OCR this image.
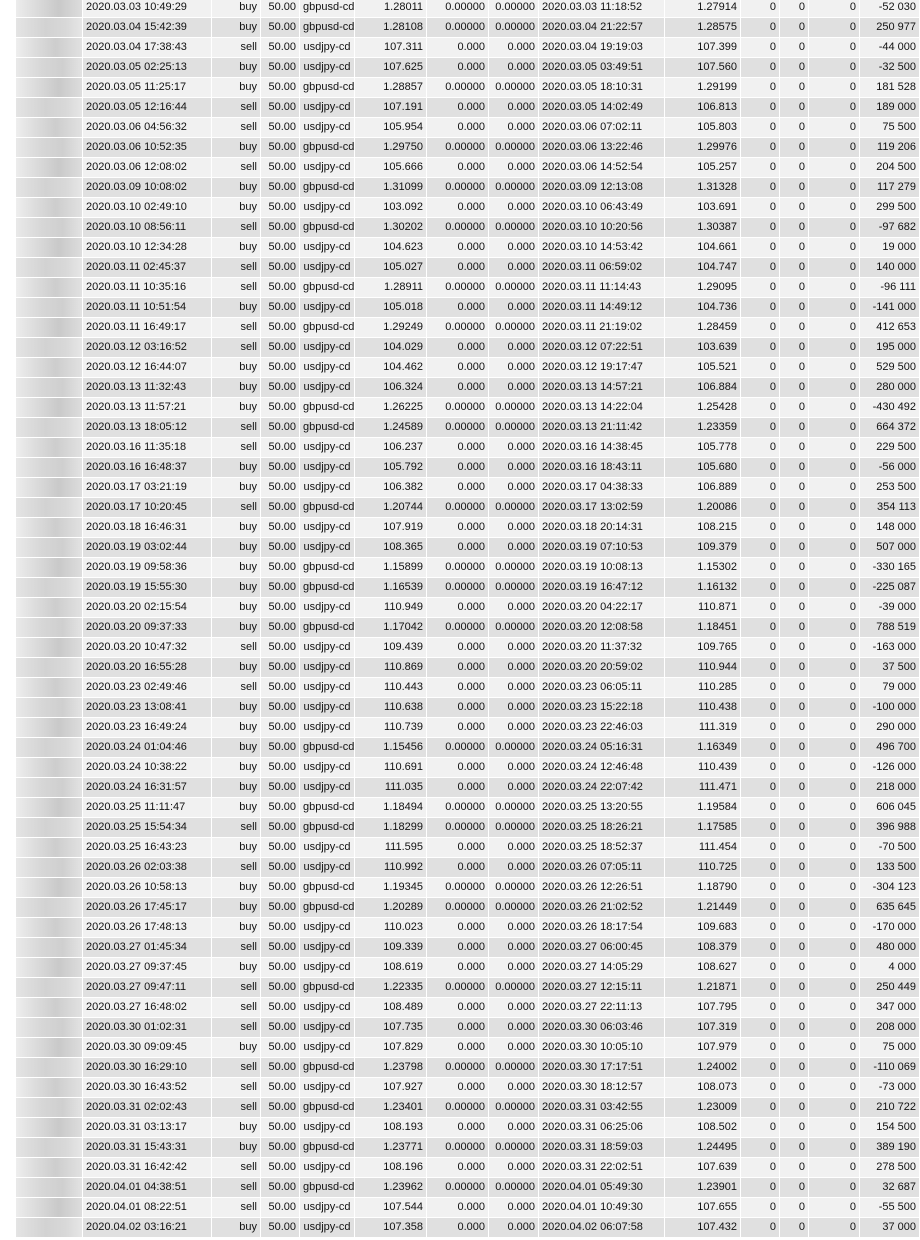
	2020.03.03 10:49:29	buy	50.00	gbpusd-cd	1.28011	0.00000	0.00000	2020.03.03 11:18:52	1.27914	0	0	0	-52 030

	2020.03.04 15:42:39	buy	50.00	gbpusd-cd	1.28108	0.00000	0.00000	2020.03.04 21:22:57	1.28575	0	0	0	250 977

	2020.03.04 17:38:43	sell	50.00	usdjpy-cd	107.311	0.000	0.000	2020.03.04 19:19:03	107.399	0	0	0	-44 000

	2020.03.05 02:25:13	buy	50.00	usdjpy-cd	107.625	0.000	0.000	2020.03.05 03:49:51	107.560	0	0	0	-32 500

	2020.03.05 11:25:17	buy	50.00	gbpusd-cd	1.28857	0.00000	0.00000	2020.03.05 18:10:31	1.29199	0	0	0	181 528

	2020.03.05 12:16:44	sell	50.00	usdjpy-cd	107.191	0.000	0.000	2020.03.05 14:02:49	106.813	0	0	0	189 000

	2020.03.06 04:56:32	sell	50.00	usdjpy-cd	105.954	0.000	0.000	2020.03.06 07:02:11	105.803	0	0	0	75 500

	2020.03.06 10:52:35	buy	50.00	gbpusd-cd	1.29750	0.00000	0.00000	2020.03.06 13:22:46	1.29976	0	0	0	119 206

	2020.03.06 12:08:02	sell	50.00	usdjpy-cd	105.666	0.000	0.000	2020.03.06 14:52:54	105.257	0	0	0	204 500

	2020.03.09 10:08:02	buy	50.00	gbpusd-cd	1.31099	0.00000	0.00000	2020.03.09 12:13:08	1.31328	0	0	0	117 279

	2020.03.10 02:49:10	buy	50.00	usdjpy-cd	103.092	0.000	0.000	2020.03.10 06:43:49	103.691	0	0	0	299 500

	2020.03.10 08:56:11	sell	50.00	gbpusd-cd	1.30202	0.00000	0.00000	2020.03.10 10:20:56	1.30387	0	0	0	-97 682

	2020.03.10 12:34:28	buy	50.00	usdjpy-cd	104.623	0.000	0.000	2020.03.10 14:53:42	104.661	0	0	0	19 000

	2020.03.11 02:45:37	sell	50.00	usdjpy-cd	105.027	0.000	0.000	2020.03.11 06:59:02	104.747	0	0	0	140 000

	2020.03.11 10:35:16	sell	50.00	gbpusd-cd	1.28911	0.00000	0.00000	2020.03.11 11:14:43	1.29095	0	0	0	-96 111

	2020.03.11 10:51:54	buy	50.00	usdjpy-cd	105.018	0.000	0.000	2020.03.11 14:49:12	104.736	0	0	0	-141 000

	2020.03.11 16:49:17	sell	50.00	gbpusd-cd	1.29249	0.00000	0.00000	2020.03.11 21:19:02	1.28459	0	0	0	412 653

	2020.03.12 03:16:52	sell	50.00	usdjpy-cd	104.029	0.000	0.000	2020.03.12 07:22:51	103.639	0	0	0	195 000

	2020.03.12 16:44:07	buy	50.00	usdjpy-cd	104.462	0.000	0.000	2020.03.12 19:17:47	105.521	0	0	0	529 500

	2020.03.13 11:32:43	buy	50.00	usdjpy-cd	106.324	0.000	0.000	2020.03.13 14:57:21	106.884	0	0	0	280 000

	2020.03.13 11:57:21	buy	50.00	gbpusd-cd	1.26225	0.00000	0.00000	2020.03.13 14:22:04	1.25428	0	0	0	-430 492

	2020.03.13 18:05:12	sell	50.00	gbpusd-cd	1.24589	0.00000	0.00000	2020.03.13 21:11:42	1.23359	0	0	0	664 372

	2020.03.16 11:35:18	sell	50.00	usdjpy-cd	106.237	0.000	0.000	2020.03.16 14:38:45	105.778	0	0	0	229 500

	2020.03.16 16:48:37	buy	50.00	usdjpy-cd	105.792	0.000	0.000	2020.03.16 18:43:11	105.680	0	0	0	-56 000

	2020.03.17 03:21:19	buy	50.00	usdjpy-cd	106.382	0.000	0.000	2020.03.17 04:38:33	106.889	0	0	0	253 500

	2020.03.17 10:20:45	sell	50.00	gbpusd-cd	1.20744	0.00000	0.00000	2020.03.17 13:02:59	1.20086	0	0	0	354 113

	2020.03.18 16:46:31	buy	50.00	usdjpy-cd	107.919	0.000	0.000	2020.03.18 20:14:31	108.215	0	0	0	148 000

	2020.03.19 03:02:44	buy	50.00	usdjpy-cd	108.365	0.000	0.000	2020.03.19 07:10:53	109.379	0	0	0	507 000

	2020.03.19 09:58:36	buy	50.00	gbpusd-cd	1.15899	0.00000	0.00000	2020.03.19 10:08:13	1.15302	0	0	0	-330 165

	2020.03.19 15:55:30	buy	50.00	gbpusd-cd	1.16539	0.00000	0.00000	2020.03.19 16:47:12	1.16132	0	0	0	-225 087

	2020.03.20 02:15:54	buy	50.00	usdjpy-cd	110.949	0.000	0.000	2020.03.20 04:22:17	110.871	0	0	0	-39 000

	2020.03.20 09:37:33	buy	50.00	gbpusd-cd	1.17042	0.00000	0.00000	2020.03.20 12:08:58	1.18451	0	0	0	788 519

	2020.03.20 10:47:32	sell	50.00	usdjpy-cd	109.439	0.000	0.000	2020.03.20 11:37:32	109.765	0	0	0	-163 000

	2020.03.20 16:55:28	buy	50.00	usdjpy-cd	110.869	0.000	0.000	2020.03.20 20:59:02	110.944	0	0	0	37 500

	2020.03.23 02:49:46	sell	50.00	usdjpy-cd	110.443	0.000	0.000	2020.03.23 06:05:11	110.285	0	0	0	79 000

	2020.03.23 13:08:41	buy	50.00	usdjpy-cd	110.638	0.000	0.000	2020.03.23 15:22:18	110.438	0	0	0	-100 000

	2020.03.23 16:49:24	buy	50.00	usdjpy-cd	110.739	0.000	0.000	2020.03.23 22:46:03	111.319	0	0	0	290 000

	2020.03.24 01:04:46	buy	50.00	gbpusd-cd	1.15456	0.00000	0.00000	2020.03.24 05:16:31	1.16349	0	0	0	496 700

	2020.03.24 10:38:22	buy	50.00	usdjpy-cd	110.691	0.000	0.000	2020.03.24 12:46:48	110.439	0	0	0	-126 000

	2020.03.24 16:31:57	buy	50.00	usdjpy-cd	111.035	0.000	0.000	2020.03.24 22:07:42	111.471	0	0	0	218 000

	2020.03.25 11:11:47	buy	50.00	gbpusd-cd	1.18494	0.00000	0.00000	2020.03.25 13:20:55	1.19584	0	0	0	606 045

	2020.03.25 15:54:34	sell	50.00	gbpusd-cd	1.18299	0.00000	0.00000	2020.03.25 18:26:21	1.17585	0	0	0	396 988

	2020.03.25 16:43:23	buy	50.00	usdjpy-cd	111.595	0.000	0.000	2020.03.25 18:52:37	111.454	0	0	0	-70 500

	2020.03.26 02:03:38	sell	50.00	usdjpy-cd	110.992	0.000	0.000	2020.03.26 07:05:11	110.725	0	0	0	133 500

	2020.03.26 10:58:13	buy	50.00	gbpusd-cd	1.19345	0.00000	0.00000	2020.03.26 12:26:51	1.18790	0	0	0	-304 123

	2020.03.26 17:45:17	buy	50.00	gbpusd-cd	1.20289	0.00000	0.00000	2020.03.26 21:02:52	1.21449	0	0	0	635 645

	2020.03.26 17:48:13	buy	50.00	usdjpy-cd	110.023	0.000	0.000	2020.03.26 18:17:54	109.683	0	0	0	-170 000

	2020.03.27 01:45:34	sell	50.00	usdjpy-cd	109.339	0.000	0.000	2020.03.27 06:00:45	108.379	0	0	0	480 000

	2020.03.27 09:37:45	buy	50.00	usdjpy-cd	108.619	0.000	0.000	2020.03.27 14:05:29	108.627	0	0	0	4 000

	2020.03.27 09:47:11	sell	50.00	gbpusd-cd	1.22335	0.00000	0.00000	2020.03.27 12:15:11	1.21871	0	0	0	250 449

	2020.03.27 16:48:02	sell	50.00	usdjpy-cd	108.489	0.000	0.000	2020.03.27 22:11:13	107.795	0	0	0	347 000

	2020.03.30 01:02:31	sell	50.00	usdjpy-cd	107.735	0.000	0.000	2020.03.30 06:03:46	107.319	0	0	0	208 000

	2020.03.30 09:09:45	buy	50.00	usdjpy-cd	107.829	0.000	0.000	2020.03.30 10:05:10	107.979	0	0	0	75 000

	2020.03.30 16:29:10	sell	50.00	gbpusd-cd	1.23798	0.00000	0.00000	2020.03.30 17:17:51	1.24002	0	0	0	-110 069

	2020.03.30 16:43:52	sell	50.00	usdjpy-cd	107.927	0.000	0.000	2020.03.30 18:12:57	108.073	0	0	0	-73 000

	2020.03.31 02:02:43	sell	50.00	gbpusd-cd	1.23401	0.00000	0.00000	2020.03.31 03:42:55	1.23009	0	0	0	210 722

	2020.03.31 03:13:17	buy	50.00	usdjpy-cd	108.193	0.000	0.000	2020.03.31 06:25:06	108.502	0	0	0	154 500

	2020.03.31 15:43:31	buy	50.00	gbpusd-cd	1.23771	0.00000	0.00000	2020.03.31 18:59:03	1.24495	0	0	0	389 190

	2020.03.31 16:42:42	sell	50.00	usdjpy-cd	108.196	0.000	0.000	2020.03.31 22:02:51	107.639	0	0	0	278 500

	2020.04.01 04:38:51	sell	50.00	gbpusd-cd	1.23962	0.00000	0.00000	2020.04.01 05:49:30	1.23901	0	0	0	32 687

	2020.04.01 08:22:51	sell	50.00	usdjpy-cd	107.544	0.000	0.000	2020.04.01 10:49:30	107.655	0	0	0	-55 500

	2020.04.02 03:16:21	buy	50.00	usdjpy-cd	107.358	0.000	0.000	2020.04.02 06:07:58	107.432	0	0	0	37 000
